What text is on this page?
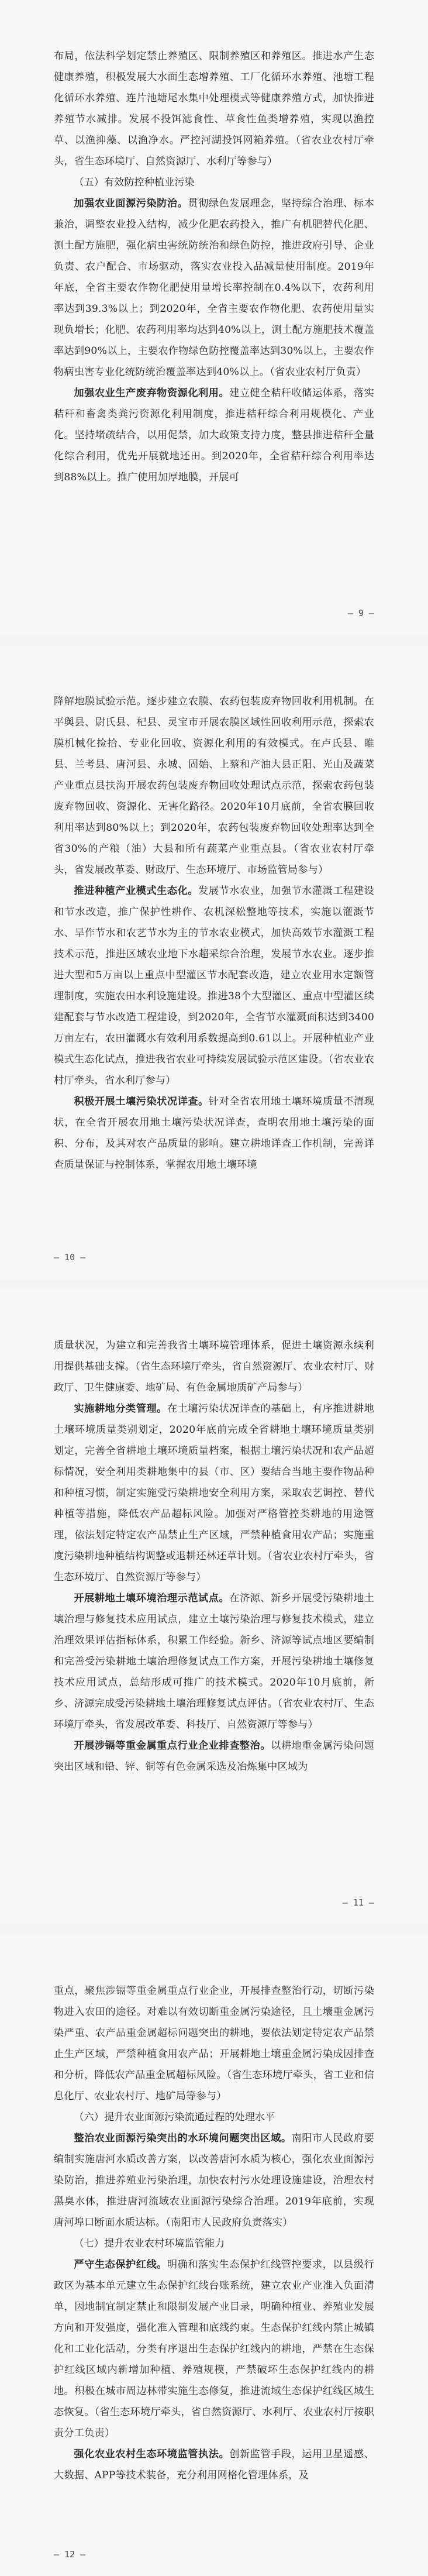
布局，依法科学划定禁止养殖区、限制养殖区和养殖区。推进水产生态健康养殖，积极发展大水面生态增养殖、工厂化循环水养殖、池塘工程化循环水养殖、连片池塘尾水集中处理模式等健康养殖方式，加快推进养殖节水减排。发展不投饵滤食性、草食性鱼类增养殖，实现以渔控草、以渔抑藻、以渔净水。严控河湖投饵网箱养殖。（省农业农村厅牵头，省生态环境厅、自然资源厅、水利厅等参与）

（五）有效防控种植业污染

加强农业面源污染防治。贯彻绿色发展理念，坚持综合治理、标本兼治，调整农业投入结构，减少化肥农药投入，推广有机肥替代化肥、测土配方施肥，强化病虫害统防统治和绿色防控，推进政府引导、企业负责、农户配合、市场驱动，落实农业投入品减量使用制度。2019年年底，全省主要农作物化肥使用量增长率控制在0.4%以下，农药利用率达到39.3%以上；到2020年，全省主要农作物化肥、农药使用量实现负增长；化肥、农药利用率均达到40%以上，测土配方施肥技术覆盖率达到90%以上，主要农作物绿色防控覆盖率达到30%以上，主要农作物病虫害专业化统防统治覆盖率达到40%以上。（省农业农村厅负责）

加强农业生产废弃物资源化利用。建立健全秸秆收储运体系，落实秸秆和畜禽类粪污资源化利用制度，推进秸秆综合利用规模化、产业化。坚持堵疏结合，以用促禁，加大政策支持力度，整县推进秸秆全量化综合利用，优先开展就地还田。到2020年，全省秸秆综合利用率达到88%以上。推广使用加厚地膜，开展可

— 9 —

降解地膜试验示范。逐步建立农膜、农药包装废弃物回收利用机制。在平舆县、尉氏县、杞县、灵宝市开展农膜区域性回收利用示范，探索农膜机械化捡拾、专业化回收、资源化利用的有效模式。在卢氏县、睢县、兰考县、唐河县、永城、固始、上蔡和产油大县正阳、光山及蔬菜产业重点县扶沟开展农药包装废弃物回收处理试点示范，探索农药包装废弃物回收、资源化、无害化路径。2020年10月底前，全省农膜回收利用率达到80%以上；到2020年，农药包装废弃物回收处理率达到全省30%的产粮（油）大县和所有蔬菜产业重点县。（省农业农村厅牵头，省发展改革委、财政厅、生态环境厅、市场监管局参与）

推进种植产业模式生态化。发展节水农业，加强节水灌溉工程建设和节水改造，推广保护性耕作、农机深松整地等技术，实施以灌溉节水、旱作节水和农艺节水为主的节水农业模式，加快高效节水灌溉工程技术示范，推进区域农业地下水超采综合治理，发展节水农业。逐步推进大型和5万亩以上重点中型灌区节水配套改造，建立农业用水定额管理制度，实施农田水利设施建设。推进38个大型灌区、重点中型灌区续建配套与节水改造工程建设，到2020年，全省节水灌溉面积达到3400万亩左右，农田灌溉水有效利用系数提高到0.61以上。开展种植业产业模式生态化试点，推进我省农业可持续发展试验示范区建设。（省农业农村厅牵头，省水利厅参与）

积极开展土壤污染状况详查。针对全省农用地土壤环境质量不清现状，在全省开展农用地土壤污染状况详查，查明农用地土壤污染的面积、分布，及其对农产品质量的影响。建立耕地详查工作机制，完善详查质量保证与控制体系，掌握农用地土壤环境

— 10 —

质量状况，为建立和完善我省土壤环境管理体系，促进土壤资源永续利用提供基础支撑。（省生态环境厅牵头，省自然资源厅、农业农村厅、财政厅、卫生健康委、地矿局、有色金属地质矿产局参与）

实施耕地分类管理。在土壤污染状况详查的基础上，有序推进耕地土壤环境质量类别划定，2020年底前完成全省耕地土壤环境质量类别划定，完善全省耕地土壤环境质量档案，根据土壤污染状况和农产品超标情况，安全利用类耕地集中的县（市、区）要结合当地主要作物品种和种植习惯，制定实施受污染耕地安全利用方案，采取农艺调控、替代种植等措施，降低农产品超标风险。加强对严格管控类耕地的用途管理，依法划定特定农产品禁止生产区域，严禁种植食用农产品；实施重度污染耕地种植结构调整或退耕还林还草计划。（省农业农村厅牵头，省生态环境厅、自然资源厅等参与）

开展耕地土壤环境治理示范试点。在济源、新乡开展受污染耕地土壤治理与修复技术应用试点，建立土壤污染治理与修复技术模式，建立治理效果评估指标体系，积累工作经验。新乡、济源等试点地区要编制和完善受污染耕地土壤治理修复试点工作方案，开展污染耕地土壤修复技术应用试点，总结形成可推广的技术模式。2020年10月底前，新乡、济源完成受污染耕地土壤治理修复试点评估。（省农业农村厅、生态环境厅牵头，省发展改革委、科技厅、自然资源厅等参与）

开展涉镉等重金属重点行业企业排查整治。以耕地重金属污染问题突出区域和铅、锌、铜等有色金属采选及冶炼集中区域为

— 11 —

重点，聚焦涉镉等重金属重点行业企业，开展排查整治行动，切断污染物进入农田的途径。对难以有效切断重金属污染途径，且土壤重金属污染严重、农产品重金属超标问题突出的耕地，要依法划定特定农产品禁止生产区域，严禁种植食用农产品；开展耕地土壤重金属污染成因排查和分析，降低农产品重金属超标风险。（省生态环境厅牵头，省工业和信息化厅、农业农村厅、地矿局等参与）

（六）提升农业面源污染流通过程的处理水平

整治农业面源污染突出的水环境问题突出区域。南阳市人民政府要编制实施唐河水质改善方案，以改善唐河水质为核心，强化农业面源污染防治，推进养殖业污染治理，加快农村污水处理设施建设，治理农村黑臭水体，推进唐河流域农业面源污染综合治理。2019年底前，实现唐河埠口断面水质达标。（南阳市人民政府负责落实）

（七）提升农业农村环境监管能力

严守生态保护红线。明确和落实生态保护红线管控要求，以县级行政区为基本单元建立生态保护红线台账系统，建立农业产业准入负面清单，因地制宜制定禁止和限制发展产业目录，明确种植业、养殖业发展方向和开发强度，强化准入管理和底线约束。生态保护红线内禁止城镇化和工业化活动，分类有序退出生态保护红线内的耕地，严禁在生态保护红线区域内新增加种植、养殖规模，严禁破坏生态保护红线内的耕地。积极在城市周边林带实施生态修复，推进流域生态保护红线区域生态恢复。（省生态环境厅牵头，省自然资源厅、水利厅、农业农村厅按职责分工负责）

强化农业农村生态环境监管执法。创新监管手段，运用卫星遥感、大数据、APP等技术装备，充分利用网格化管理体系，及

— 12 —
